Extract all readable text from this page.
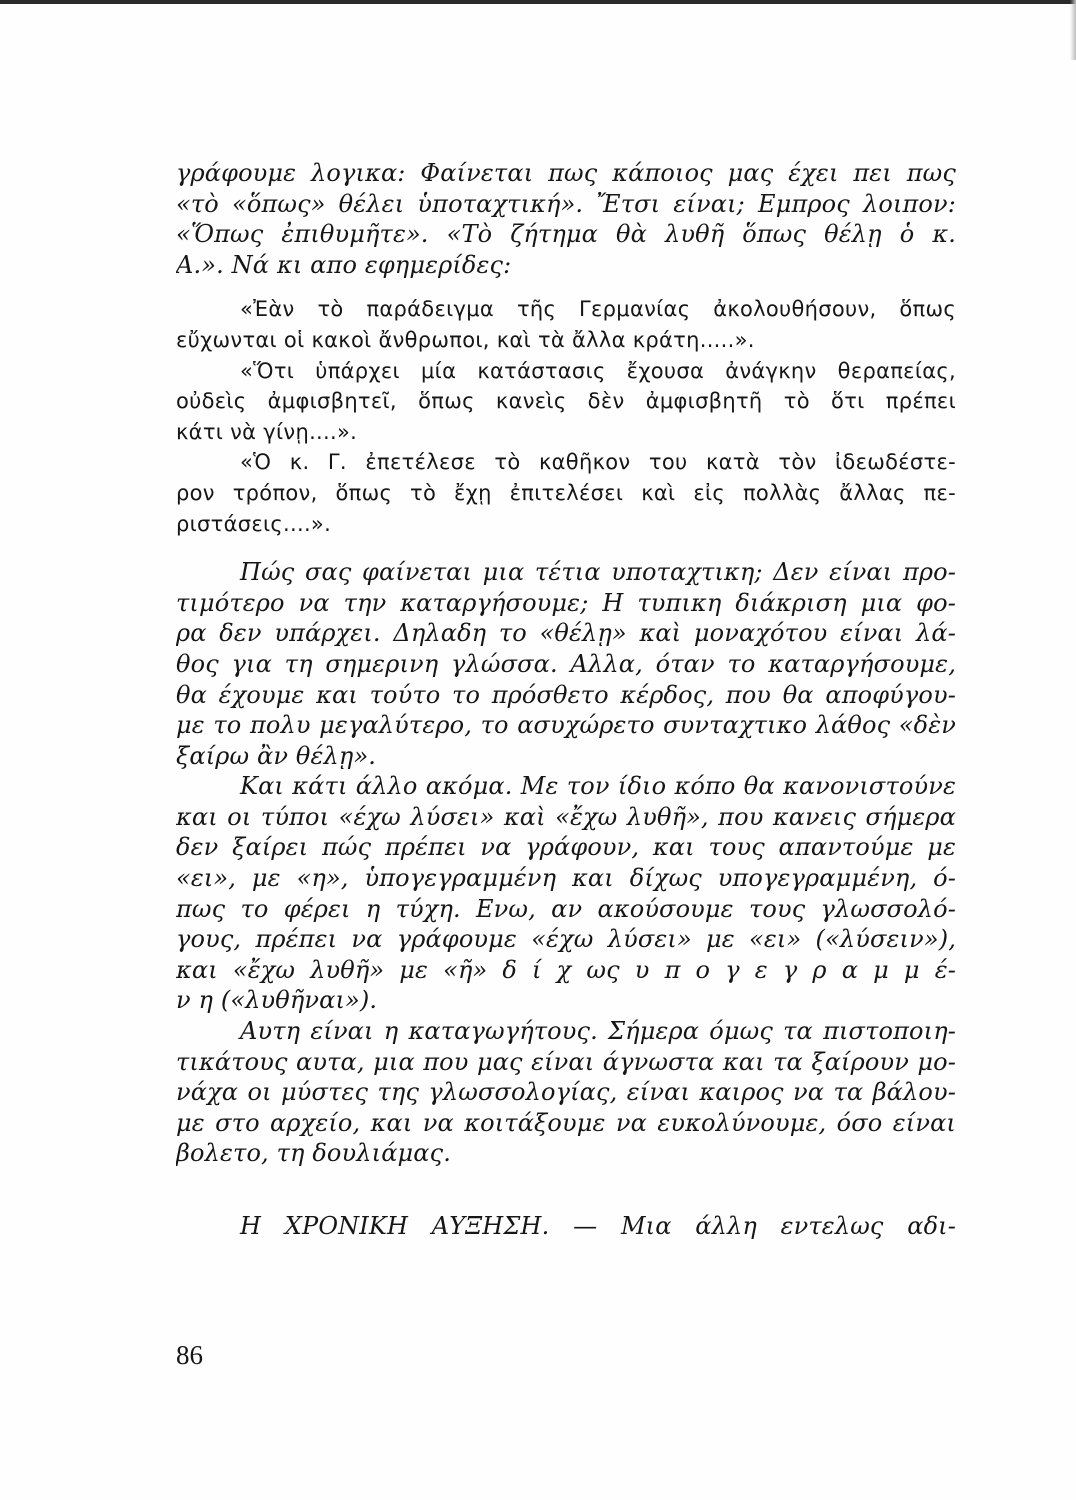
γράφουμε λογικα: Φαίνεται πως κάποιος μας έχει πει πως
«τὸ «ὅπως» θέλει ὑποταχτική». Ἔτσι είναι; Εμπρος λοιπον:
«Ὅπως ἐπιθυμῆτε». «Τὸ ζήτημα θὰ λυθῆ ὅπως θέλῃ ὁ κ.
Α.». Νά κι απο εφημερίδες:
«Ἐὰν τὸ παράδειγμα τῆς Γερμανίας ἀκολουθήσουν, ὅπως
εὔχωνται οἱ κακοὶ ἄνθρωποι, καὶ τὰ ἄλλα κράτη.....».
«Ὅτι ὑπάρχει μία κατάστασις ἔχουσα ἀνάγκην θεραπείας,
οὐδεὶς ἀμφισβητεῖ, ὅπως κανεὶς δὲν ἀμφισβητῆ τὸ ὅτι πρέπει
κάτι νὰ γίνῃ....».
«Ὁ κ. Γ. ἐπετέλεσε τὸ καθῆκον του κατὰ τὸν ἰδεωδέστε-
ρον τρόπον, ὅπως τὸ ἔχῃ ἐπιτελέσει καὶ εἰς πολλὰς ἄλλας πε-
ριστάσεις....».
Πώς σας φαίνεται μια τέτια υποταχτικη; Δεν είναι προ-
τιμότερο να την καταργήσουμε; Η τυπικη διάκριση μια φο-
ρα δεν υπάρχει. Δηλαδη το «θέλῃ» καὶ μοναχότου είναι λά-
θος για τη σημερινη γλώσσα. Αλλα, όταν το καταργήσουμε,
θα έχουμε και τούτο το πρόσθετο κέρδος, που θα αποφύγου-
με το πολυ μεγαλύτερο, το ασυχώρετο συνταχτικο λάθος «δὲν
ξαίρω ἂν θέλῃ».
Και κάτι άλλο ακόμα. Με τον ίδιο κόπο θα κανονιστούνε
και οι τύποι «έχω λύσει» καὶ «ἔχω λυθῆ», που κανεις σήμερα
δεν ξαίρει πώς πρέπει να γράφουν, και τους απαντούμε με
«ει», με «η», ὑπογεγραμμένη και δίχως υπογεγραμμένη, ό-
πως το φέρει η τύχη. Ενω, αν ακούσουμε τους γλωσσολό-
γους, πρέπει να γράφουμε «έχω λύσει» με «ει» («λύσειν»),
και «ἔχω λυθῆ» με «ῆ» δ ί χ ως υ π ο γ ε γ ρ α μ μ έ-
ν η («λυθῆναι»).
Αυτη είναι η καταγωγήτους. Σήμερα όμως τα πιστοποιη-
τικάτους αυτα, μια που μας είναι άγνωστα και τα ξαίρουν μο-
νάχα οι μύστες της γλωσσολογίας, είναι καιρος να τα βάλου-
με στο αρχείο, και να κοιτάξουμε να ευκολύνουμε, όσο είναι
βολετο, τη δουλιάμας.
Η ΧΡΟΝΙΚΗ ΑΥΞΗΣΗ. — Μια άλλη εντελως αδι-
86
